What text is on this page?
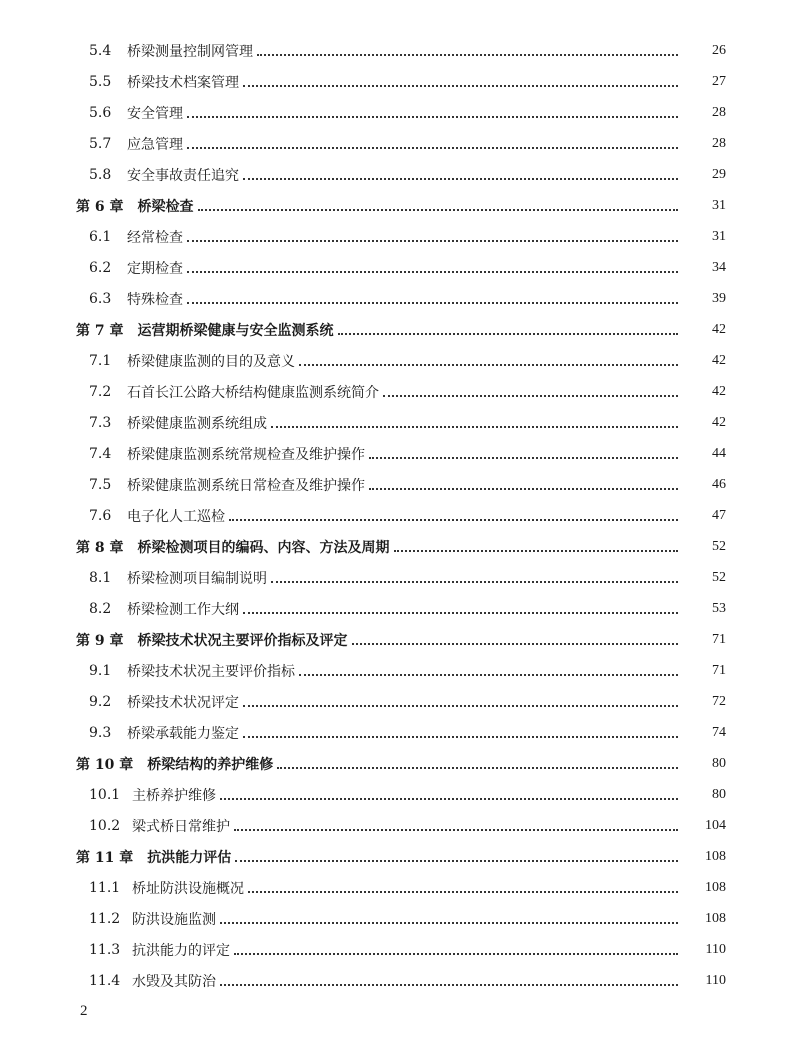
5.4	桥梁测量控制网管理	26
5.5	桥梁技术档案管理	27
5.6	安全管理	28
5.7	应急管理	28
5.8	安全事故责任追究	29
第 6 章 桥梁检查	31
6.1	经常检查	31
6.2	定期检查	34
6.3	特殊检查	39
第 7 章 运营期桥梁健康与安全监测系统	42
7.1	桥梁健康监测的目的及意义	42
7.2	石首长江公路大桥结构健康监测系统简介	42
7.3	桥梁健康监测系统组成	42
7.4	桥梁健康监测系统常规检查及维护操作	44
7.5	桥梁健康监测系统日常检查及维护操作	46
7.6	电子化人工巡检	47
第 8 章 桥梁检测项目的编码、内容、方法及周期	52
8.1	桥梁检测项目编制说明	52
8.2	桥梁检测工作大纲	53
第 9 章 桥梁技术状况主要评价指标及评定	71
9.1	桥梁技术状况主要评价指标	71
9.2	桥梁技术状况评定	72
9.3	桥梁承载能力鉴定	74
第 10 章 桥梁结构的养护维修	80
10.1 主桥养护维修	80
10.2 梁式桥日常维护	104
第 11 章 抗洪能力评估	108
11.1 桥址防洪设施概况	108
11.2 防洪设施监测	108
11.3 抗洪能力的评定	110
11.4 水毁及其防治	110
2
